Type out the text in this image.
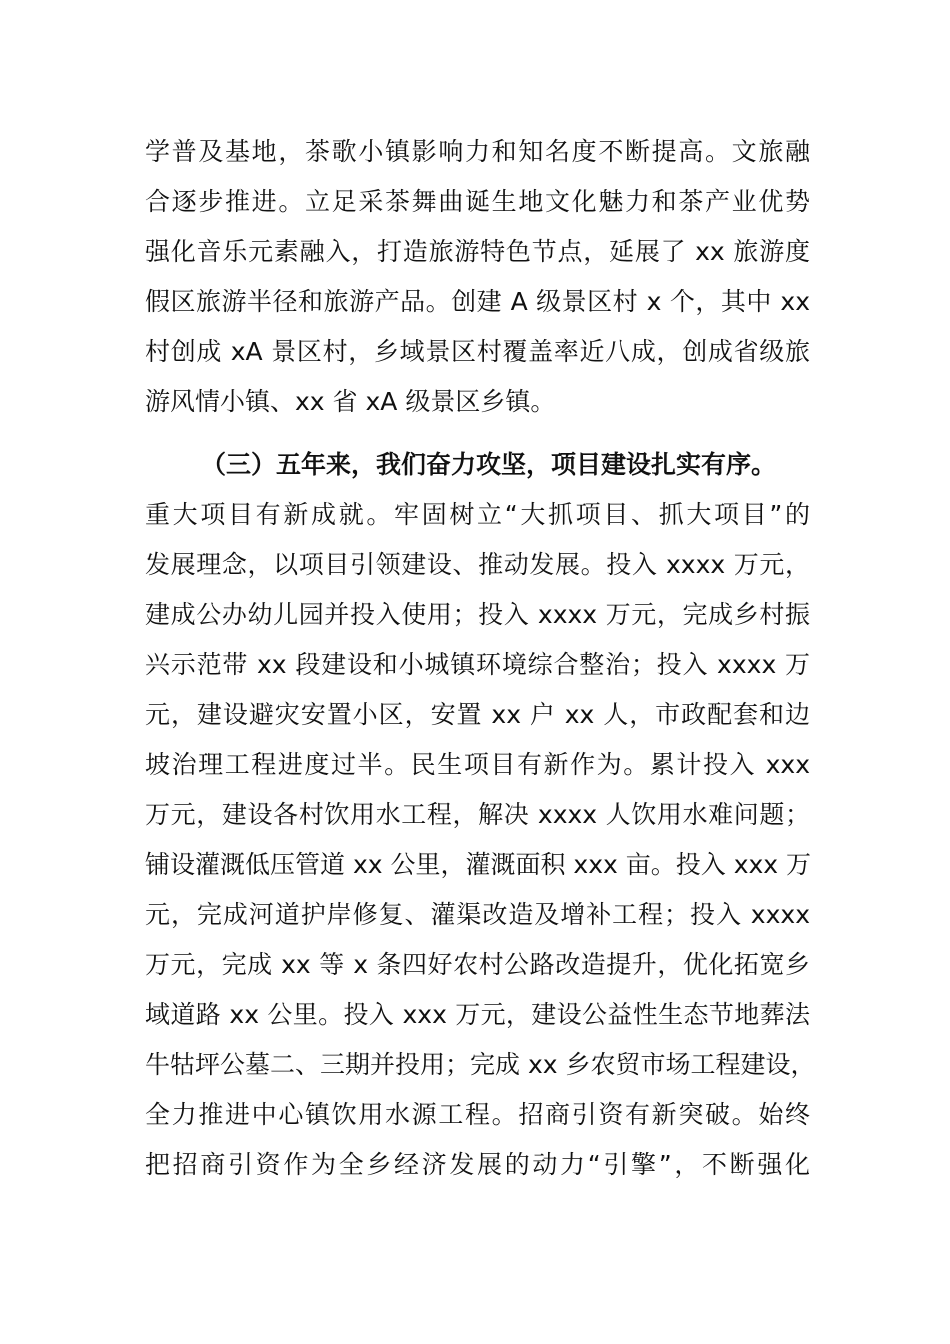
学普及基地，茶歌小镇影响力和知名度不断提高。文旅融
合逐步推进。立足采茶舞曲诞生地文化魅力和茶产业优势
强化音乐元素融入，打造旅游特色节点，延展了 xx 旅游度
假区旅游半径和旅游产品。创建 A 级景区村 x 个，其中 xx
村创成 xA 景区村，乡域景区村覆盖率近八成，创成省级旅
游风情小镇、xx 省 xA 级景区乡镇。
（三）五年来，我们奋力攻坚，项目建设扎实有序。
重大项目有新成就。牢固树立“大抓项目、抓大项目”的
发展理念，以项目引领建设、推动发展。投入 xxxx 万元，
建成公办幼儿园并投入使用；投入 xxxx 万元，完成乡村振
兴示范带 xx 段建设和小城镇环境综合整治；投入 xxxx 万
元，建设避灾安置小区，安置 xx 户 xx 人，市政配套和边
坡治理工程进度过半。民生项目有新作为。累计投入 xxx
万元，建设各村饮用水工程，解决 xxxx 人饮用水难问题；
铺设灌溉低压管道 xx 公里，灌溉面积 xxx 亩。投入 xxx 万
元，完成河道护岸修复、灌渠改造及增补工程；投入 xxxx
万元，完成 xx 等 x 条四好农村公路改造提升，优化拓宽乡
域道路 xx 公里。投入 xxx 万元，建设公益性生态节地葬法
牛牯坪公墓二、三期并投用；完成 xx 乡农贸市场工程建设，
全力推进中心镇饮用水源工程。招商引资有新突破。始终
把招商引资作为全乡经济发展的动力“引擎”，不断强化
